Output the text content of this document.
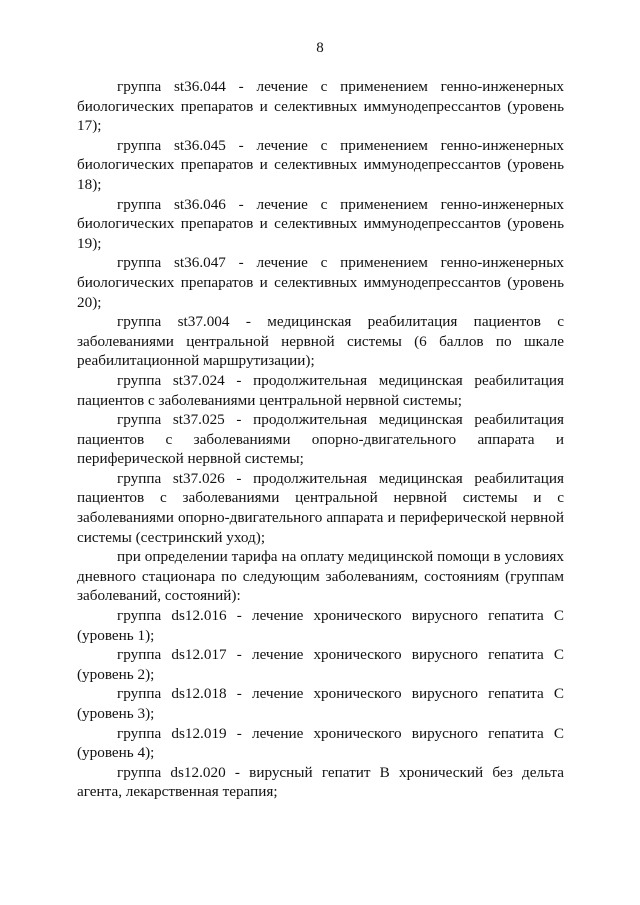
8

группа st36.044 - лечение с применением генно-инженерных биологических препаратов и селективных иммунодепрессантов (уровень 17);

группа st36.045 - лечение с применением генно-инженерных биологических препаратов и селективных иммунодепрессантов (уровень 18);

группа st36.046 - лечение с применением генно-инженерных биологических препаратов и селективных иммунодепрессантов (уровень 19);

группа st36.047 - лечение с применением генно-инженерных биологических препаратов и селективных иммунодепрессантов (уровень 20);

группа st37.004 - медицинская реабилитация пациентов с заболеваниями центральной нервной системы (6 баллов по шкале реабилитационной маршрутизации);

группа st37.024 - продолжительная медицинская реабилитация пациентов с заболеваниями центральной нервной системы;

группа st37.025 - продолжительная медицинская реабилитация пациентов с заболеваниями опорно-двигательного аппарата и периферической нервной системы;

группа st37.026 - продолжительная медицинская реабилитация пациентов с заболеваниями центральной нервной системы и с заболеваниями опорно-двигательного аппарата и периферической нервной системы (сестринский уход);

при определении тарифа на оплату медицинской помощи в условиях дневного стационара по следующим заболеваниям, состояниям (группам заболеваний, состояний):

группа ds12.016 - лечение хронического вирусного гепатита C (уровень 1);

группа ds12.017 - лечение хронического вирусного гепатита C (уровень 2);

группа ds12.018 - лечение хронического вирусного гепатита C (уровень 3);

группа ds12.019 - лечение хронического вирусного гепатита C (уровень 4);

группа ds12.020 - вирусный гепатит B хронический без дельта агента, лекарственная терапия;
